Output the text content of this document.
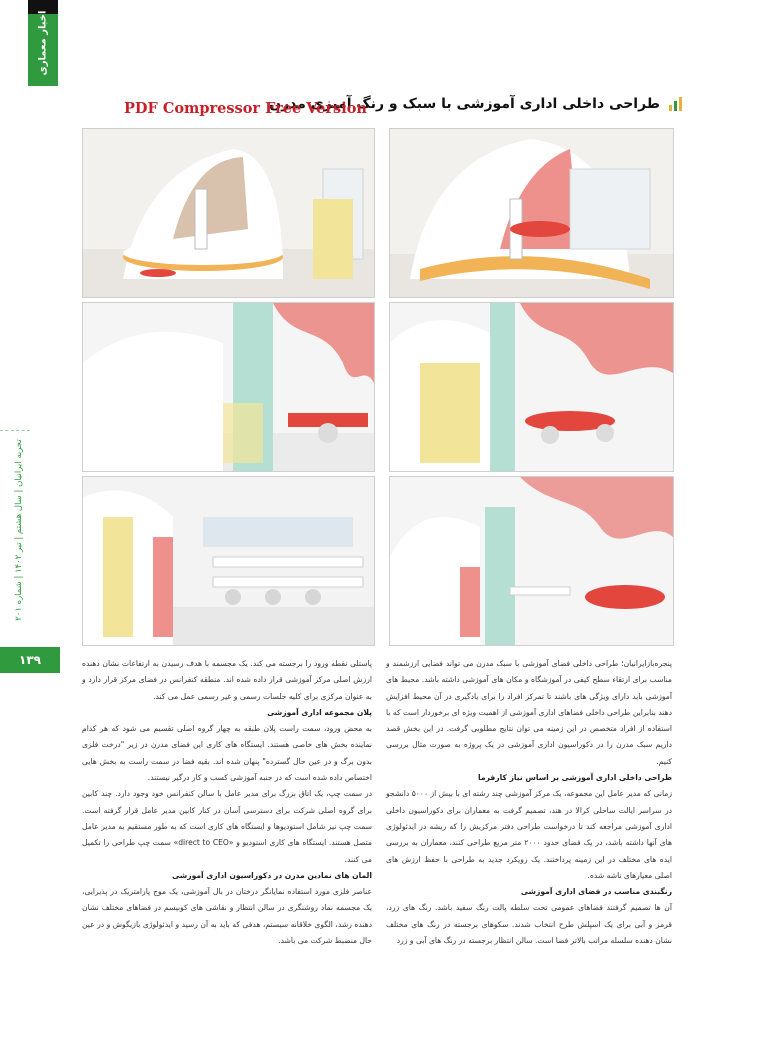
اخبار معماری
تجربه ایرانیان | سال هشتم | تیر ۱۴۰۲ | شماره ۲۰۱
۱۳۹
طراحی داخلی اداری آموزشی با سبک و رنگ آمیزی مدرن
PDF Compressor Free Version

پنجره‌بازایرانیان؛ طراحی داخلی فضای آموزشی با سبک مدرن می تواند فضایی ارزشمند و مناسب برای ارتقاء سطح کیفی در آموزشگاه و مکان های آموزشی داشته باشد. محیط های آموزشی باید دارای ویژگی های باشند تا تمرکز افراد را برای یادگیری در آن محیط افزایش دهند بنابراین طراحی داخلی فضاهای اداری آموزشی از اهمیت ویژه ای برخوردار است که با استفاده از افراد متخصص در این زمینه می توان نتایج مطلوبی گرفت. در این بخش قصد داریم سبک مدرن را در دکوراسیون اداری آموزشی در یک پروژه به صورت مثال بررسی کنیم.

طراحی داخلی اداری آموزشی بر اساس نیاز کارفرما

زمانی که مدیر عامل این مجموعه، یک مرکز آموزشی چند رشته ای با بیش از ۵۰۰۰ دانشجو در سراسر ایالت ساحلی کرالا در هند، تصمیم گرفت به معماران برای دکوراسیون داخلی اداری آموزشی مراجعه کند تا درخواست طراحی دفتر مرکزیش را که ریشه در ایدئولوژی های آنها داشته باشد، در یک فضای حدود ۲۰۰۰ متر مربع طراحی کنند، معماران به بررسی ایده های مختلف در این زمینه پرداختند. یک رویکرد جدید به طراحی با حفظ ارزش های اصلی معیارهای ناشه شده.

رنگبندی مناسب در فضای اداری آموزشی

آن ها تصمیم گرفتند فضاهای عمومی تحت سلطه پالت رنگ سفید باشد. رنگ های زرد، قرمز و آبی برای یک اسپلش طرح انتخاب شدند. سکوهای برجسته در رنگ های مختلف نشان دهنده سلسله مراتب بالاتر فضا است. سالن انتظار برجسته در رنگ های آبی و زرد

پاستلی نقطه ورود را برجسته می کند. یک مجسمه با هدف رسیدن به ارتفاعات نشان دهنده ارزش اصلی مرکز آموزشی قرار داده شده اند. منطقه کنفرانس در فضای مرکز قرار دارد و به عنوان مرکزی برای کلیه جلسات رسمی و غیر رسمی عمل می کند.

پلان مجموعه اداری آموزشی

به محض ورود، سمت راست پلان طبقه به چهار گروه اصلی تقسیم می شود که هر کدام نماینده بخش های خاصی هستند. ایستگاه های کاری این فضای مدرن در زیر "درخت فلزی بدون برگ و در عین حال گسترده" پنهان شده اند. بقیه فضا در سمت راست به بخش هایی اختصاص داده شده است که در جنبه آموزشی کسب و کار درگیر نیستند.

در سمت چپ، یک اتاق بزرگ برای مدیر عامل با سالن کنفرانس خود وجود دارد. چند کابین برای گروه اصلی شرکت برای دسترسی آسان در کنار کابین مدیر عامل قرار گرفته است. سمت چپ نیز شامل استودیوها و ایستگاه های کاری است که به طور مستقیم به مدیر عامل متصل هستند. ایستگاه های کاری استودیو و «direct to CEO» سمت چپ طراحی را تکمیل می کنند.

المان های نمادین مدرن در دکوراسیون اداری آموزشی

عناصر فلزی مورد استفاده نمایانگر درختان در بال آموزشی، یک موج پارامتریک در پذیرایی، یک مجسمه نماد روشنگری در سالن انتظار و نقاشی های کوبیسم در فضاهای مختلف نشان دهنده رشد، الگوی خلاقانه سیستم، هدفی که باید به آن رسید و ایدئولوژی بازیگوش و در عین حال منضبط شرکت می باشد.
